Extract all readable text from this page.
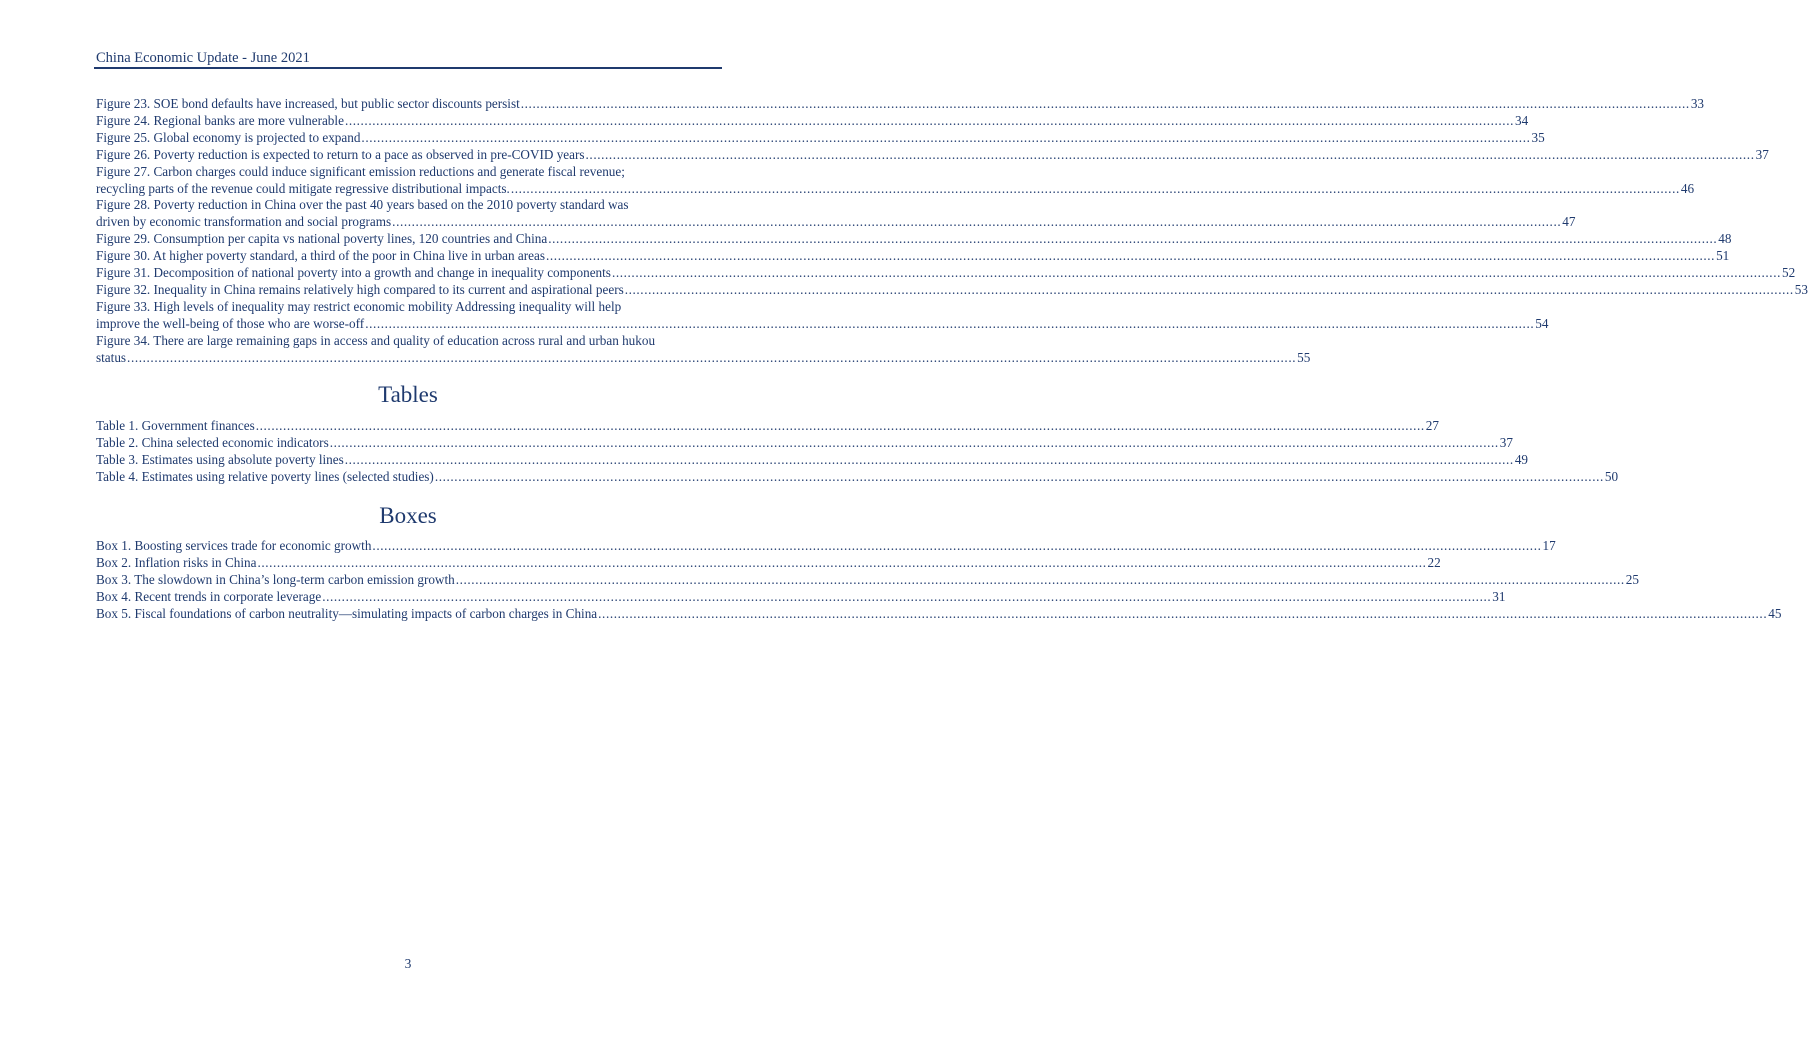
China Economic Update - June 2021
Figure 23. SOE bond defaults have increased, but public sector discounts persist ............................................................................................................................................................................................................................................................................................................ 33
Figure 24. Regional banks are more vulnerable ............................................................................................................................................................................................................................................................................................................ 34
Figure 25. Global economy is projected to expand ............................................................................................................................................................................................................................................................................................................ 35
Figure 26. Poverty reduction is expected to return to a pace as observed in pre-COVID years ............................................................................................................................................................................................................................................................................................................ 37
Figure 27. Carbon charges could induce significant emission reductions and generate fiscal revenue;
recycling parts of the revenue could mitigate regressive distributional impacts. ............................................................................................................................................................................................................................................................................................................ 46
Figure 28. Poverty reduction in China over the past 40 years based on the 2010 poverty standard was
driven by economic transformation and social programs ............................................................................................................................................................................................................................................................................................................ 47
Figure 29. Consumption per capita vs national poverty lines, 120 countries and China ............................................................................................................................................................................................................................................................................................................ 48
Figure 30. At higher poverty standard, a third of the poor in China live in urban areas ............................................................................................................................................................................................................................................................................................................ 51
Figure 31. Decomposition of national poverty into a growth and change in inequality components ............................................................................................................................................................................................................................................................................................................ 52
Figure 32. Inequality in China remains relatively high compared to its current and aspirational peers ............................................................................................................................................................................................................................................................................................................ 53
Figure 33. High levels of inequality may restrict economic mobility Addressing inequality will help
improve the well-being of those who are worse-off ............................................................................................................................................................................................................................................................................................................ 54
Figure 34. There are large remaining gaps in access and quality of education across rural and urban hukou
status ............................................................................................................................................................................................................................................................................................................ 55
Tables
Table 1. Government finances ............................................................................................................................................................................................................................................................................................................ 27
Table 2. China selected economic indicators ............................................................................................................................................................................................................................................................................................................ 37
Table 3. Estimates using absolute poverty lines ............................................................................................................................................................................................................................................................................................................ 49
Table 4. Estimates using relative poverty lines (selected studies) ............................................................................................................................................................................................................................................................................................................ 50
Boxes
Box 1. Boosting services trade for economic growth ............................................................................................................................................................................................................................................................................................................ 17
Box 2. Inflation risks in China ............................................................................................................................................................................................................................................................................................................ 22
Box 3. The slowdown in China’s long-term carbon emission growth ............................................................................................................................................................................................................................................................................................................ 25
Box 4. Recent trends in corporate leverage ............................................................................................................................................................................................................................................................................................................ 31
Box 5. Fiscal foundations of carbon neutrality—simulating impacts of carbon charges in China ............................................................................................................................................................................................................................................................................................................ 45
3
